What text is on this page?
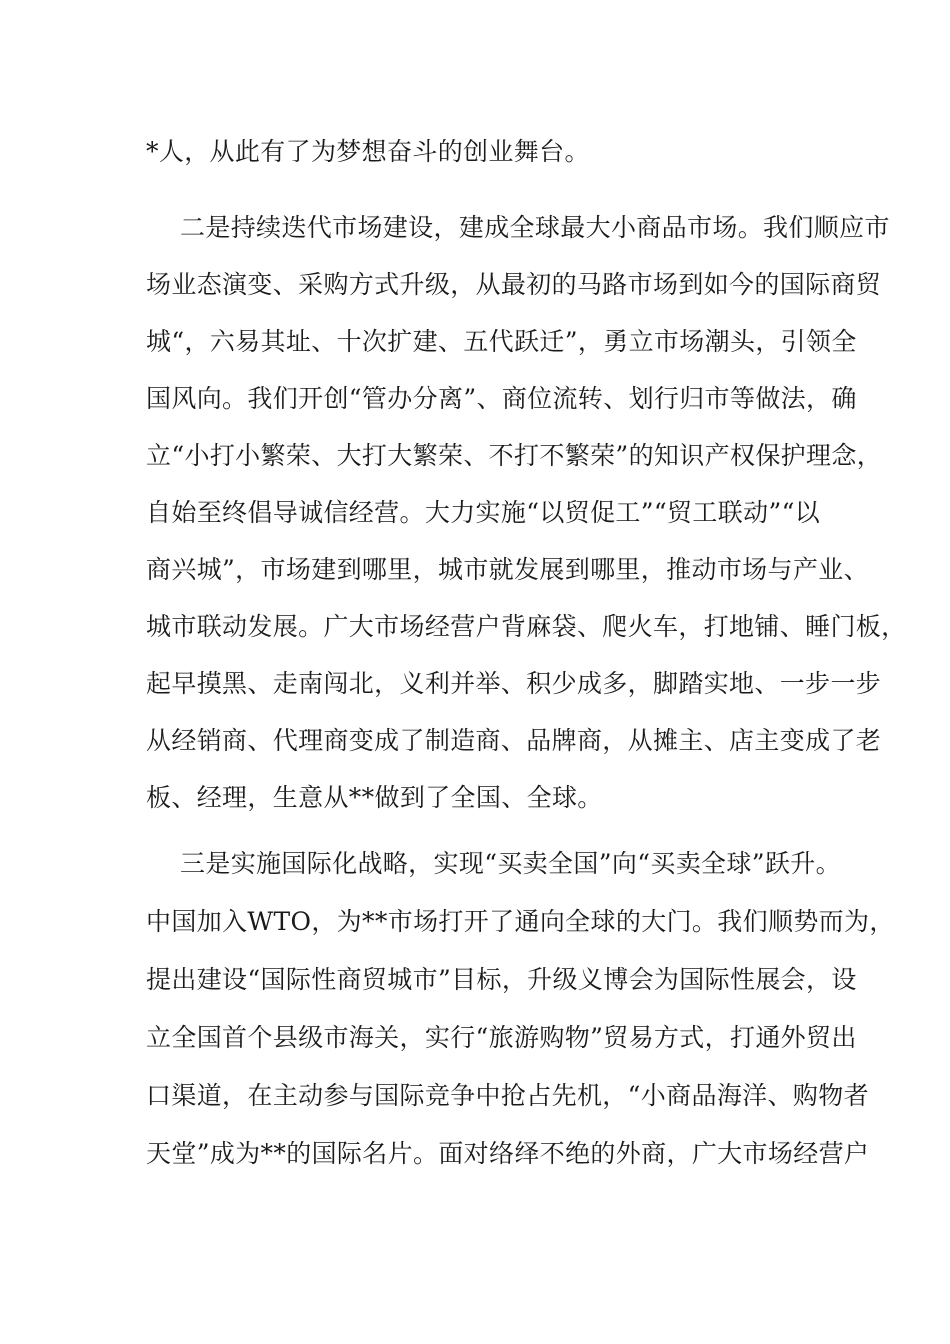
*人，从此有了为梦想奋斗的创业舞台。
二是持续迭代市场建设，建成全球最大小商品市场。我们顺应市
场业态演变、采购方式升级，从最初的马路市场到如今的国际商贸
城“，六易其址、十次扩建、五代跃迁”，勇立市场潮头，引领全
国风向。我们开创“管办分离”、商位流转、划行归市等做法，确
立“小打小繁荣、大打大繁荣、不打不繁荣”的知识产权保护理念，
自始至终倡导诚信经营。大力实施“以贸促工”“贸工联动”“以
商兴城”，市场建到哪里，城市就发展到哪里，推动市场与产业、
城市联动发展。广大市场经营户背麻袋、爬火车，打地铺、睡门板，
起早摸黑、走南闯北，义利并举、积少成多，脚踏实地、一步一步
从经销商、代理商变成了制造商、品牌商，从摊主、店主变成了老
板、经理，生意从**做到了全国、全球。
三是实施国际化战略，实现“买卖全国”向“买卖全球”跃升。
中国加入WTO，为**市场打开了通向全球的大门。我们顺势而为，
提出建设“国际性商贸城市”目标，升级义博会为国际性展会，设
立全国首个县级市海关，实行“旅游购物”贸易方式，打通外贸出
口渠道，在主动参与国际竞争中抢占先机，“小商品海洋、购物者
天堂”成为**的国际名片。面对络绎不绝的外商，广大市场经营户
